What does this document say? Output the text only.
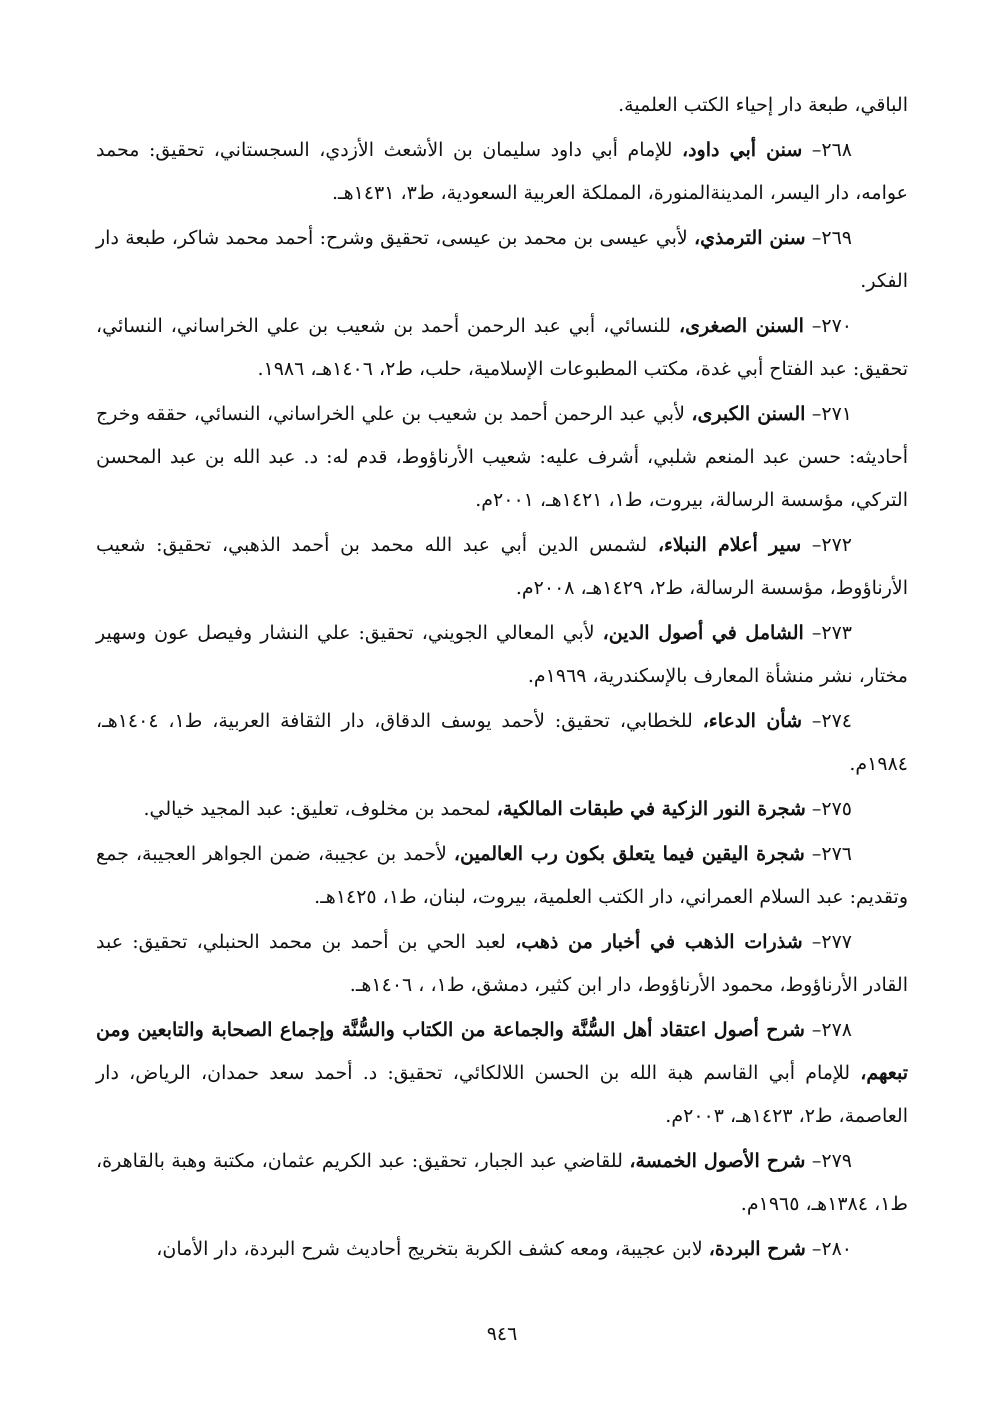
الباقي، طبعة دار إحياء الكتب العلمية.

٢٦٨– سنن أبي داود، للإمام أبي داود سليمان بن الأشعث الأزدي، السجستاني، تحقيق: محمد عوامه، دار اليسر، المدينةالمنورة، المملكة العربية السعودية، ط٣، ١٤٣١هـ.

٢٦٩– سنن الترمذي، لأبي عيسى بن محمد بن عيسى، تحقيق وشرح: أحمد محمد شاكر، طبعة دار الفكر.

٢٧٠– السنن الصغرى، للنسائي، أبي عبد الرحمن أحمد بن شعيب بن علي الخراساني، النسائي، تحقيق: عبد الفتاح أبي غدة، مكتب المطبوعات الإسلامية، حلب، ط٢، ١٤٠٦هـ، ١٩٨٦.

٢٧١– السنن الكبرى، لأبي عبد الرحمن أحمد بن شعيب بن علي الخراساني، النسائي، حققه وخرج أحاديثه: حسن عبد المنعم شلبي، أشرف عليه: شعيب الأرناؤوط، قدم له: د. عبد الله بن عبد المحسن التركي، مؤسسة الرسالة، بيروت، ط١، ١٤٢١هـ، ٢٠٠١م.

٢٧٢– سير أعلام النبلاء، لشمس الدين أبي عبد الله محمد بن أحمد الذهبي، تحقيق: شعيب الأرناؤوط، مؤسسة الرسالة، ط٢، ١٤٢٩هـ، ٢٠٠٨م.

٢٧٣– الشامل في أصول الدين، لأبي المعالي الجويني، تحقيق: علي النشار وفيصل عون وسهير مختار، نشر منشأة المعارف بالإسكندرية، ١٩٦٩م.

٢٧٤– شأن الدعاء، للخطابي، تحقيق: لأحمد يوسف الدقاق، دار الثقافة العربية، ط١، ١٤٠٤هـ، ١٩٨٤م.

٢٧٥– شجرة النور الزكية في طبقات المالكية، لمحمد بن مخلوف، تعليق: عبد المجيد خيالي.

٢٧٦– شجرة اليقين فيما يتعلق بكون رب العالمين، لأحمد بن عجيبة، ضمن الجواهر العجيبة، جمع وتقديم: عبد السلام العمراني، دار الكتب العلمية، بيروت، لبنان، ط١، ١٤٢٥هـ.

٢٧٧– شذرات الذهب في أخبار من ذهب، لعبد الحي بن أحمد بن محمد الحنبلي، تحقيق: عبد القادر الأرناؤوط، محمود الأرناؤوط، دار ابن كثير، دمشق، ط١، ، ١٤٠٦هـ.

٢٧٨– شرح أصول اعتقاد أهل السُّنَّة والجماعة من الكتاب والسُّنَّة وإجماع الصحابة والتابعين ومن تبعهم، للإمام أبي القاسم هبة الله بن الحسن اللالكائي، تحقيق: د. أحمد سعد حمدان، الرياض، دار العاصمة، ط٢، ١٤٢٣هـ، ٢٠٠٣م.

٢٧٩– شرح الأصول الخمسة، للقاضي عبد الجبار، تحقيق: عبد الكريم عثمان، مكتبة وهبة بالقاهرة، ط١، ١٣٨٤هـ، ١٩٦٥م.

٢٨٠– شرح البردة، لابن عجيبة، ومعه كشف الكربة بتخريج أحاديث شرح البردة، دار الأمان،

٩٤٦
